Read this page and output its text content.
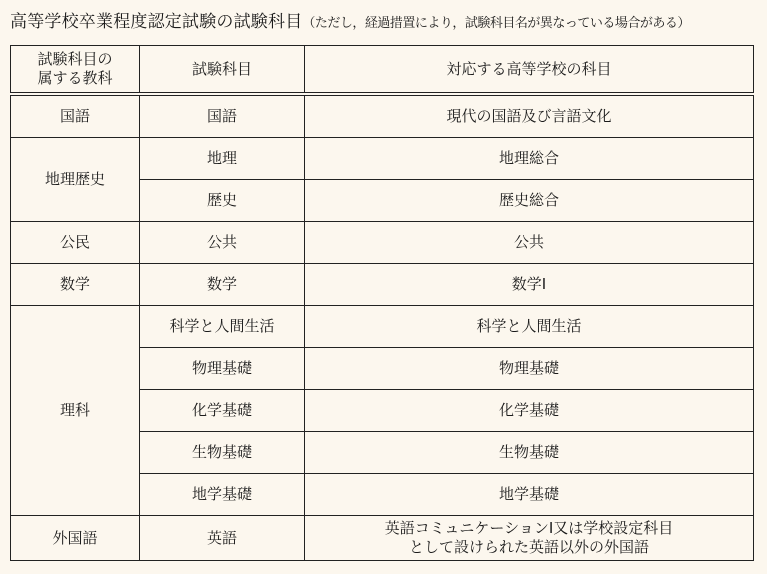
高等学校卒業程度認定試験の試験科目（ただし，経過措置により，試験科目名が異なっている場合がある）
試験科目の
属する教科	試験科目	対応する高等学校の科目
国語	国語	現代の国語及び言語文化
地理歴史	地理	地理総合
	歴史	歴史総合
公民	公共	公共
数学	数学	数学Ⅰ
理科	科学と人間生活	科学と人間生活
	物理基礎	物理基礎
	化学基礎	化学基礎
	生物基礎	生物基礎
	地学基礎	地学基礎
外国語	英語	英語コミュニケーションⅠ又は学校設定科目
として設けられた英語以外の外国語
